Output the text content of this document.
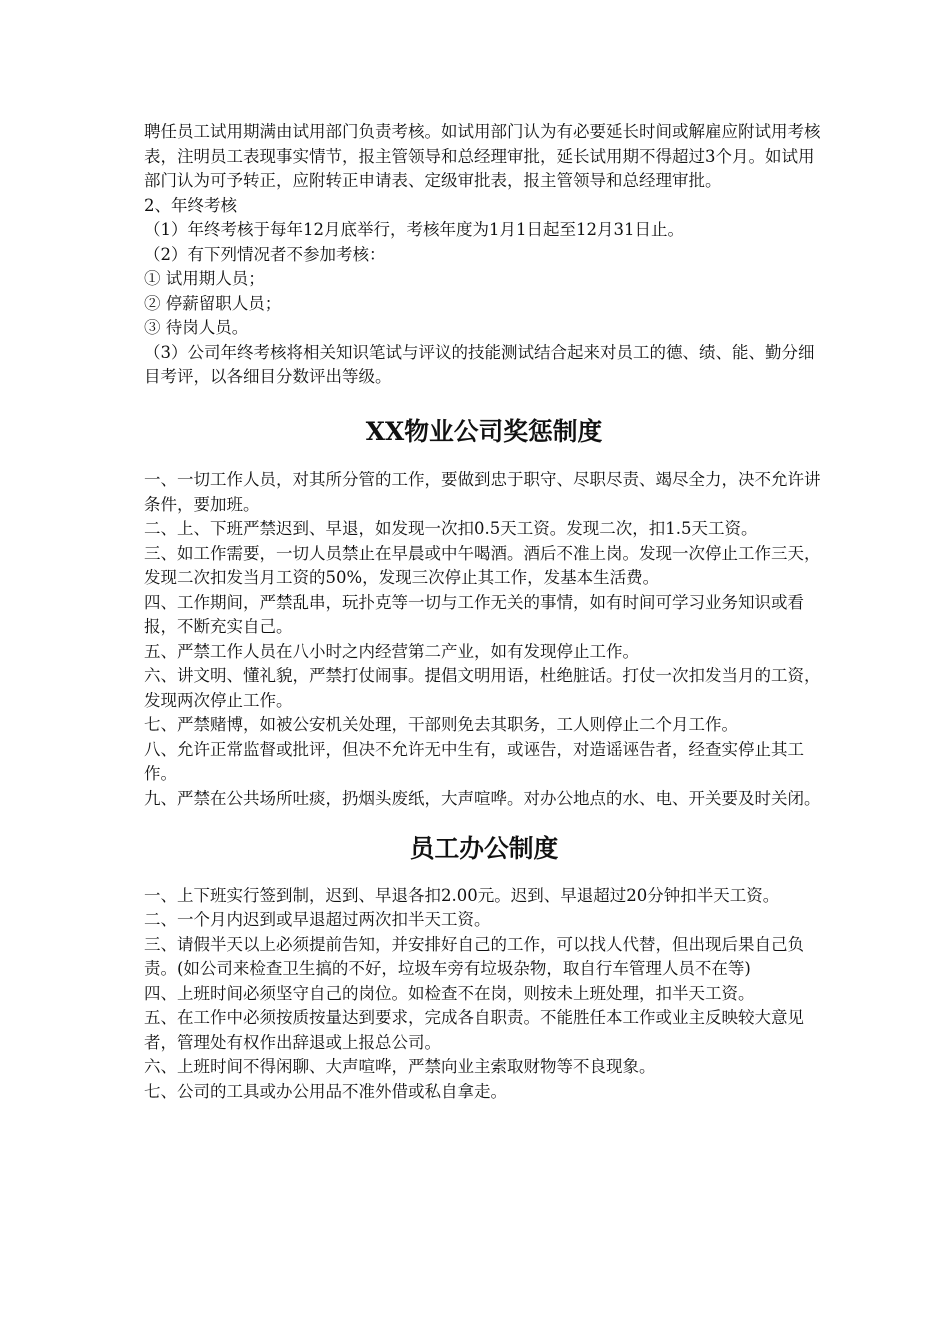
聘任员工试用期满由试用部门负责考核。如试用部门认为有必要延长时间或解雇应附试用考核表，注明员工表现事实情节，报主管领导和总经理审批，延长试用期不得超过3个月。如试用部门认为可予转正，应附转正申请表、定级审批表，报主管领导和总经理审批。

2、年终考核

（1）年终考核于每年12月底举行，考核年度为1月1日起至12月31日止。

（2）有下列情况者不参加考核：

① 试用期人员；

② 停薪留职人员；

③ 待岗人员。

（3）公司年终考核将相关知识笔试与评议的技能测试结合起来对员工的德、绩、能、勤分细目考评，以各细目分数评出等级。

XX物业公司奖惩制度

一、一切工作人员，对其所分管的工作，要做到忠于职守、尽职尽责、竭尽全力，决不允许讲条件，要加班。

二、上、下班严禁迟到、早退，如发现一次扣0.5天工资。发现二次，扣1.5天工资。

三、如工作需要，一切人员禁止在早晨或中午喝酒。酒后不准上岗。发现一次停止工作三天，发现二次扣发当月工资的50%，发现三次停止其工作，发基本生活费。

四、工作期间，严禁乱串，玩扑克等一切与工作无关的事情，如有时间可学习业务知识或看报，不断充实自己。

五、严禁工作人员在八小时之内经营第二产业，如有发现停止工作。

六、讲文明、懂礼貌，严禁打仗闹事。提倡文明用语，杜绝脏话。打仗一次扣发当月的工资，发现两次停止工作。

七、严禁赌博，如被公安机关处理，干部则免去其职务，工人则停止二个月工作。

八、允许正常监督或批评，但决不允许无中生有，或诬告，对造谣诬告者，经查实停止其工作。

九、严禁在公共场所吐痰，扔烟头废纸，大声喧哗。对办公地点的水、电、开关要及时关闭。

员工办公制度

一、上下班实行签到制，迟到、早退各扣2.00元。迟到、早退超过20分钟扣半天工资。

二、一个月内迟到或早退超过两次扣半天工资。

三、请假半天以上必须提前告知，并安排好自己的工作，可以找人代替，但出现后果自己负责。(如公司来检查卫生搞的不好，垃圾车旁有垃圾杂物，取自行车管理人员不在等)

四、上班时间必须坚守自己的岗位。如检查不在岗，则按未上班处理，扣半天工资。

五、在工作中必须按质按量达到要求，完成各自职责。不能胜任本工作或业主反映较大意见者，管理处有权作出辞退或上报总公司。

六、上班时间不得闲聊、大声喧哗，严禁向业主索取财物等不良现象。

七、公司的工具或办公用品不准外借或私自拿走。
